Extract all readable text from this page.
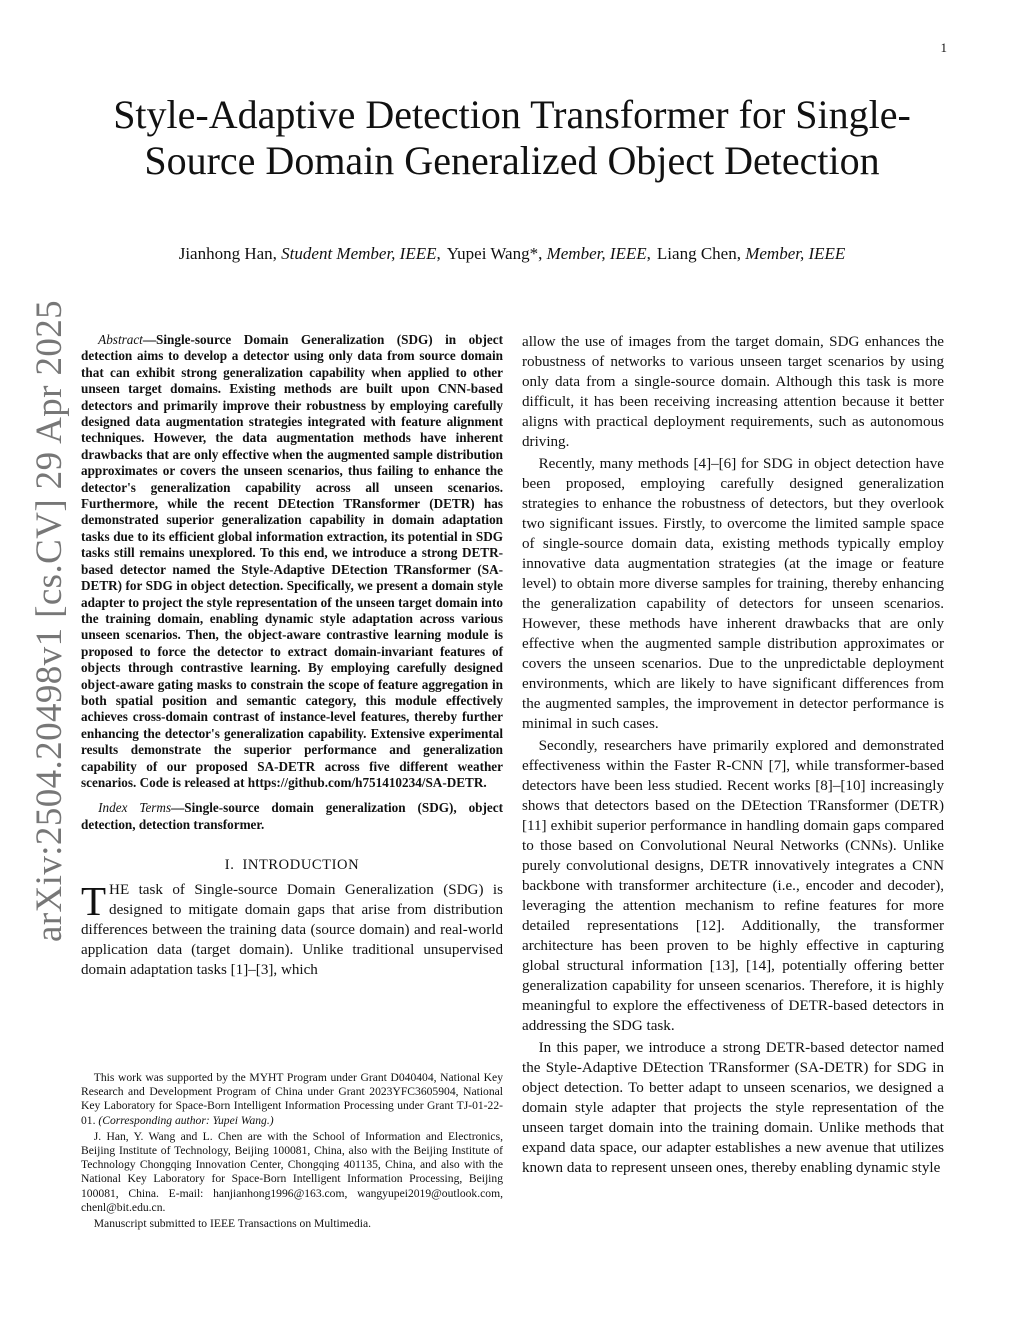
1
arXiv:2504.20498v1 [cs.CV] 29 Apr 2025
Style-Adaptive Detection Transformer for Single-Source Domain Generalized Object Detection
Jianhong Han, Student Member, IEEE, Yupei Wang*, Member, IEEE, Liang Chen, Member, IEEE

Abstract—Single-source Domain Generalization (SDG) in object detection aims to develop a detector using only data from source domain that can exhibit strong generalization capability when applied to other unseen target domains. Existing methods are built upon CNN-based detectors and primarily improve their robustness by employing carefully designed data augmentation strategies integrated with feature alignment techniques. However, the data augmentation methods have inherent drawbacks that are only effective when the augmented sample distribution approximates or covers the unseen scenarios, thus failing to enhance the detector's generalization capability across all unseen scenarios. Furthermore, while the recent DEtection TRansformer (DETR) has demonstrated superior generalization capability in domain adaptation tasks due to its efficient global information extraction, its potential in SDG tasks still remains unexplored. To this end, we introduce a strong DETR-based detector named the Style-Adaptive DEtection TRansformer (SA-DETR) for SDG in object detection. Specifically, we present a domain style adapter to project the style representation of the unseen target domain into the training domain, enabling dynamic style adaptation across various unseen scenarios. Then, the object-aware contrastive learning module is proposed to force the detector to extract domain-invariant features of objects through contrastive learning. By employing carefully designed object-aware gating masks to constrain the scope of feature aggregation in both spatial position and semantic category, this module effectively achieves cross-domain contrast of instance-level features, thereby further enhancing the detector's generalization capability. Extensive experimental results demonstrate the superior performance and generalization capability of our proposed SA-DETR across five different weather scenarios. Code is released at https://github.com/h751410234/SA-DETR.

Index Terms—Single-source domain generalization (SDG), object detection, detection transformer.

I. INTRODUCTION

THE task of Single-source Domain Generalization (SDG) is designed to mitigate domain gaps that arise from distribution differences between the training data (source domain) and real-world application data (target domain). Unlike traditional unsupervised domain adaptation tasks [1]–[3], which

allow the use of images from the target domain, SDG enhances the robustness of networks to various unseen target scenarios by using only data from a single-source domain. Although this task is more difficult, it has been receiving increasing attention because it better aligns with practical deployment requirements, such as autonomous driving.

Recently, many methods [4]–[6] for SDG in object detection have been proposed, employing carefully designed generalization strategies to enhance the robustness of detectors, but they overlook two significant issues. Firstly, to overcome the limited sample space of single-source domain data, existing methods typically employ innovative data augmentation strategies (at the image or feature level) to obtain more diverse samples for training, thereby enhancing the generalization capability of detectors for unseen scenarios. However, these methods have inherent drawbacks that are only effective when the augmented sample distribution approximates or covers the unseen scenarios. Due to the unpredictable deployment environments, which are likely to have significant differences from the augmented samples, the improvement in detector performance is minimal in such cases.

Secondly, researchers have primarily explored and demonstrated effectiveness within the Faster R-CNN [7], while transformer-based detectors have been less studied. Recent works [8]–[10] increasingly shows that detectors based on the DEtection TRansformer (DETR) [11] exhibit superior performance in handling domain gaps compared to those based on Convolutional Neural Networks (CNNs). Unlike purely convolutional designs, DETR innovatively integrates a CNN backbone with transformer architecture (i.e., encoder and decoder), leveraging the attention mechanism to refine features for more detailed representations [12]. Additionally, the transformer architecture has been proven to be highly effective in capturing global structural information [13], [14], potentially offering better generalization capability for unseen scenarios. Therefore, it is highly meaningful to explore the effectiveness of DETR-based detectors in addressing the SDG task.

In this paper, we introduce a strong DETR-based detector named the Style-Adaptive DEtection TRansformer (SA-DETR) for SDG in object detection. To better adapt to unseen scenarios, we designed a domain style adapter that projects the style representation of the unseen target domain into the training domain. Unlike methods that expand data space, our adapter establishes a new avenue that utilizes known data to represent unseen ones, thereby enabling dynamic style

This work was supported by the MYHT Program under Grant D040404, National Key Research and Development Program of China under Grant 2023YFC3605904, National Key Laboratory for Space-Born Intelligent Information Processing under Grant TJ-01-22-01. (Corresponding author: Yupei Wang.)

J. Han, Y. Wang and L. Chen are with the School of Information and Electronics, Beijing Institute of Technology, Beijing 100081, China, also with the Beijing Institute of Technology Chongqing Innovation Center, Chongqing 401135, China, and also with the National Key Laboratory for Space-Born Intelligent Information Processing, Beijing 100081, China. E-mail: hanjianhong1996@163.com, wangyupei2019@outlook.com, chenl@bit.edu.cn.

Manuscript submitted to IEEE Transactions on Multimedia.
